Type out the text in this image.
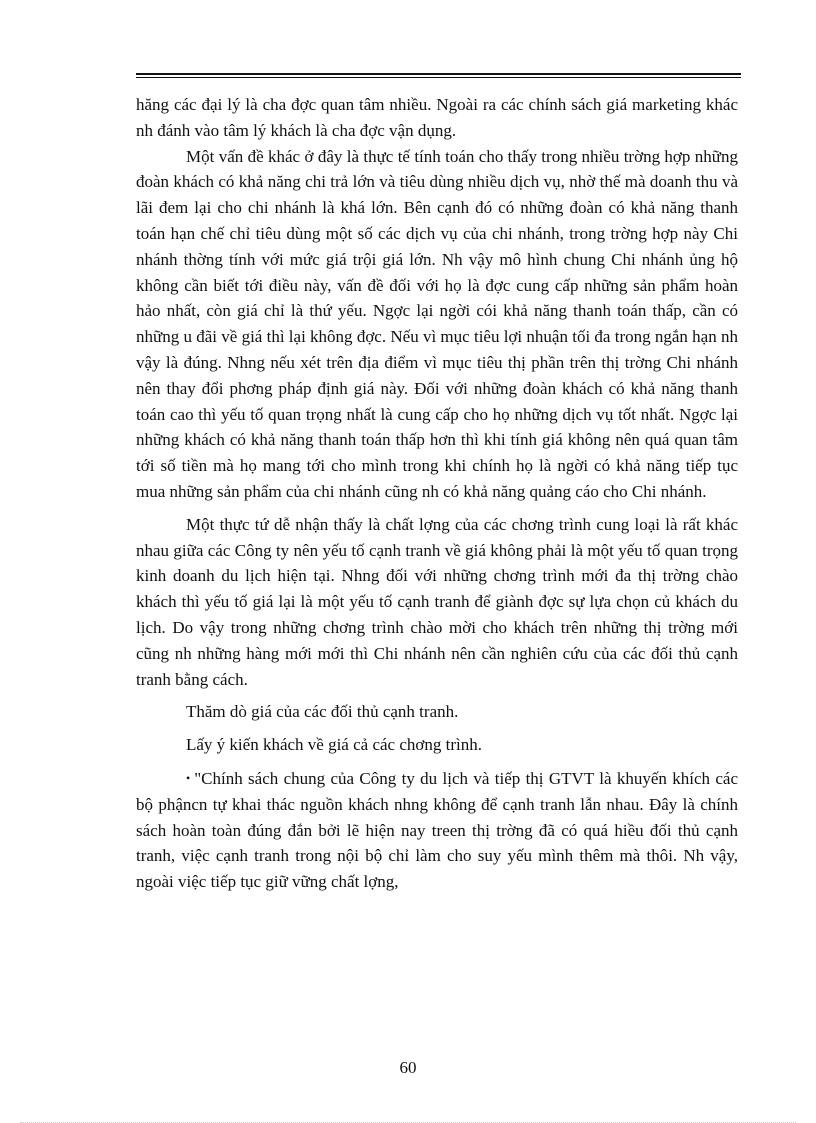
hăng các đại lý là cha đợc quan tâm nhiều. Ngoài ra các chính sách giá marketing khác nh đánh vào tâm lý khách là cha đợc vận dụng.

Một vấn đề khác ở đây là thực tế tính toán cho thấy trong nhiều trờng hợp những đoàn khách có khả năng chi trả lớn và tiêu dùng nhiều dịch vụ, nhờ thế mà doanh thu và lãi đem lại cho chi nhánh là khá lớn. Bên cạnh đó có những đoàn có khả năng thanh toán hạn chế chỉ tiêu dùng một số các dịch vụ của chi nhánh, trong trờng hợp này Chi nhánh thờng tính với mức giá trội giá lớn. Nh vậy mô hình chung Chi nhánh ủng hộ không cần biết tới điều này, vấn đề đối với họ là đợc cung cấp những sản phẩm hoàn hảo nhất, còn giá chỉ là thứ yếu. Ngợc lại ngời cói khả năng thanh toán thấp, cần có những u đãi về giá thì lại không đợc. Nếu vì mục tiêu lợi nhuận tối đa trong ngắn hạn nh vậy là đúng. Nhng nếu xét trên địa điểm vì mục tiêu thị phần trên thị trờng Chi nhánh nên thay đổi phơng pháp định giá này. Đối với những đoàn khách có khả năng thanh toán cao thì yếu tố quan trọng nhất là cung cấp cho họ những dịch vụ tốt nhất. Ngợc lại những khách có khả năng thanh toán thấp hơn thì khi tính giá không nên quá quan tâm tới số tiền mà họ mang tới cho mình trong khi chính họ là ngời có khả năng tiếp tục mua những sản phẩm của chi nhánh cũng nh có khả năng quảng cáo cho Chi nhánh.

Một thực tứ dễ nhận thấy là chất lợng của các chơng trình cung loại là rất khác nhau giữa các Công ty nên yếu tố cạnh tranh về giá không phải là một yếu tố quan trọng kinh doanh du lịch hiện tại. Nhng đối với những chơng trình mới đa thị trờng chào khách thì yếu tố giá lại là một yếu tố cạnh tranh để giành đợc sự lựa chọn củ khách du lịch. Do vậy trong những chơng trình chào mời cho khách trên những thị trờng mới cũng nh những hàng mới mới thì Chi nhánh nên cần nghiên cứu của các đối thủ cạnh tranh bằng cách.

Thăm dò giá của các đối thủ cạnh tranh.

Lấy ý kiến khách về giá cả các chơng trình.

• "Chính sách chung của Công ty du lịch và tiếp thị GTVT là khuyến khích các bộ phậncn tự khai thác nguồn khách nhng không để cạnh tranh lẫn nhau. Đây là chính sách hoàn toàn đúng đắn bởi lẽ hiện nay treen thị trờng đã có quá hiều đối thủ cạnh tranh, việc cạnh tranh trong nội bộ chỉ làm cho suy yếu mình thêm mà thôi. Nh vậy, ngoài việc tiếp tục giữ vững chất lợng,

60
